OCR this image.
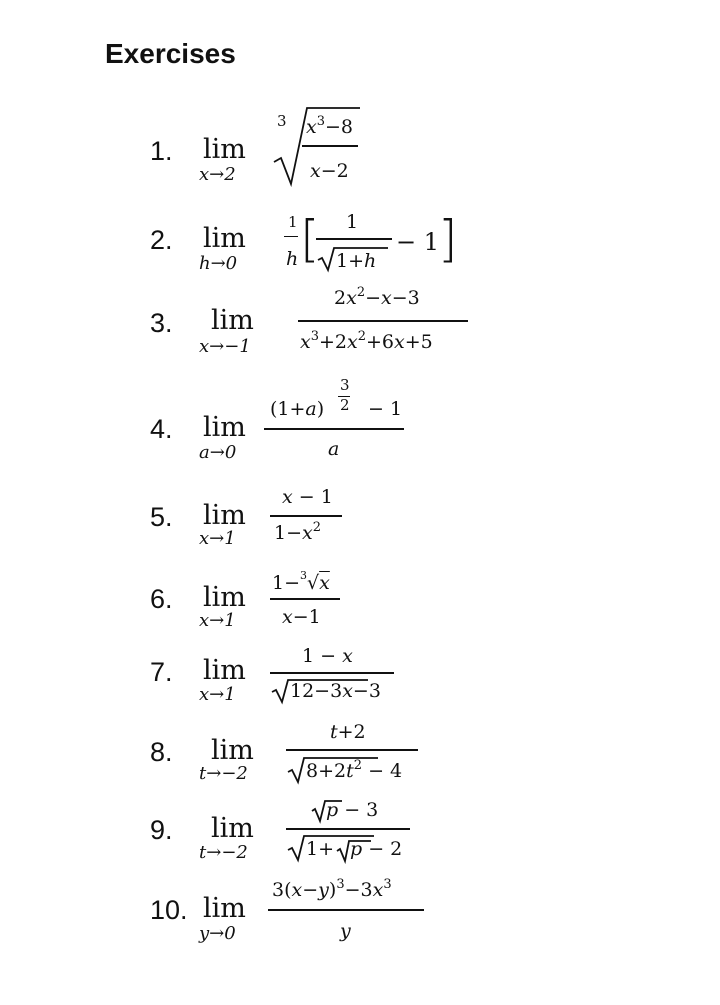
Exercises
1. lim
x→2
3 $x^3-8$
x−2
2. lim
h→0
1
h [ 1
1+h
− 1
]
3. lim
x→−1
$2x^2-x-3$
$x^3+2x^2+6x+5$
4. lim
a→0
(1+a)
3
2 − 1
a
5. lim
x→1
x − 1
$1-x^2$
6. lim
x→1
1−$^3$√x
x−1
7. lim
x→1
1 − x
12−3x−3
8. lim
t→−2
t+2
$8+2t^2 - 4$
9. lim
t→−2
p − 3
1+ p − 2
10. lim
y→0
$3(x-y)^3-3x^3$
y
